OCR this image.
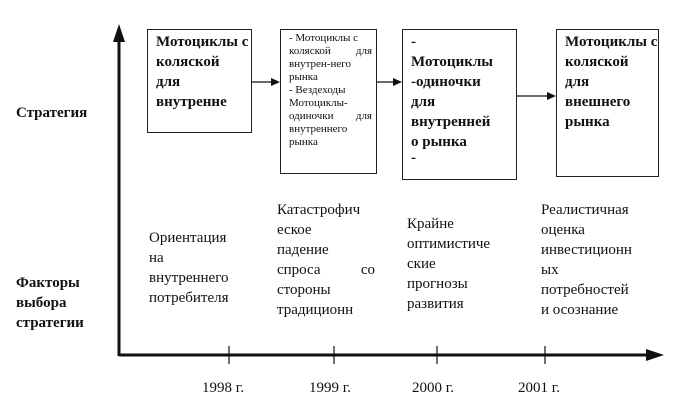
Стратегия
Факторы
выбора
стратегии
Мотоциклы с
коляской
для
внутренне
- Мотоциклы с
коляской для
внутрен-него
рынка
- Вездеходы
Мотоциклы-
одиночки для
внутреннего
рынка
-
Мотоциклы
-одиночки
для
внутренней
о рынка
-
Мотоциклы с
коляской
для
внешнего
рынка
Ориентация
на
внутреннего
потребителя
Катастрофич
еское
падение
спроса со
стороны
традиционн
Крайне
оптимистиче
ские
прогнозы
развития
Реалистичная
оценка
инвестиционн
ых
потребностей
и осознание
1998 г.	1999 г.	2000 г.	2001 г.
